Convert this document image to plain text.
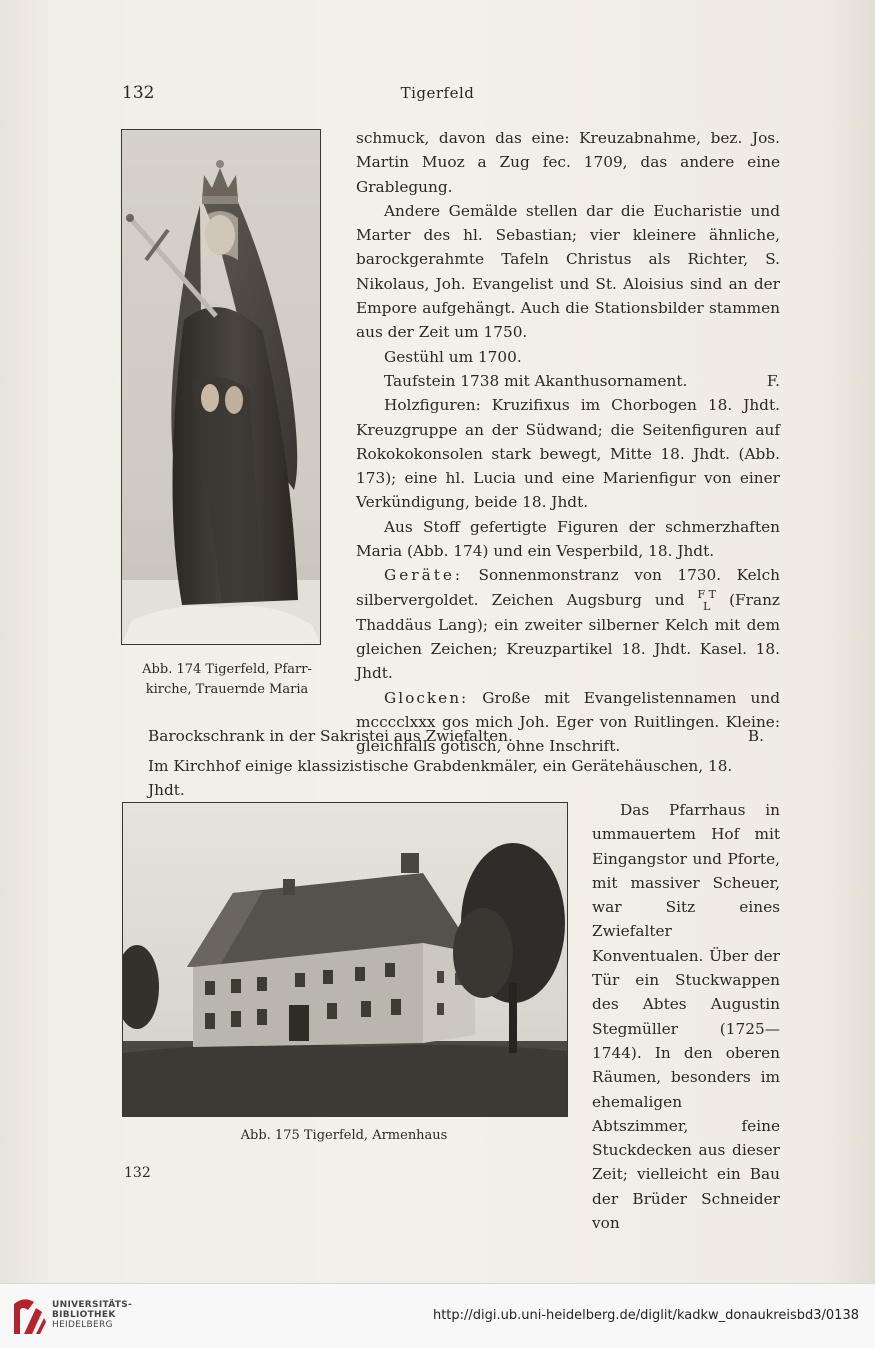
132	Tigerfeld
Abb. 174 Tigerfeld, Pfarr-
kirche, Trauernde Maria

schmuck, davon das eine: Kreuzabnahme, bez. Jos. Martin Muoz a Zug fec. 1709, das andere eine Grablegung.

Andere Gemälde stellen dar die Eucharistie und Marter des hl. Sebastian; vier kleinere ähnliche, barockgerahmte Tafeln Christus als Richter, S. Nikolaus, Joh. Evangelist und St. Aloisius sind an der Empore aufgehängt. Auch die Stationsbilder stammen aus der Zeit um 1750.

Gestühl um 1700.

Taufstein 1738 mit Akanthusornament.	F.

Holzfiguren: Kruzifixus im Chorbogen 18. Jhdt. Kreuzgruppe an der Südwand; die Seitenfiguren auf Rokokokonsolen stark bewegt, Mitte 18. Jhdt. (Abb. 173); eine hl. Lucia und eine Marienfigur von einer Verkündigung, beide 18. Jhdt.

Aus Stoff gefertigte Figuren der schmerzhaften Maria (Abb. 174) und ein Vesperbild, 18. Jhdt.

Geräte: Sonnenmonstranz von 1730. Kelch silbervergoldet. Zeichen Augsburg und F T
L	(Franz Thaddäus Lang); ein zweiter silberner Kelch mit dem gleichen Zeichen; Kreuzpartikel 18. Jhdt. Kasel. 18. Jhdt.

Glocken: Große mit Evangelistennamen und mcccclxxx gos mich Joh. Eger von Ruitlingen. Kleine: gleichfalls gotisch, ohne Inschrift.

Barockschrank in der Sakristei aus Zwiefalten.	B.

Im Kirchhof einige klassizistische Grabdenkmäler, ein Gerätehäuschen, 18. Jhdt.

Abb. 175 Tigerfeld, Armenhaus

Das Pfarrhaus in ummauertem Hof mit Eingangstor und Pforte, mit massiver Scheuer, war Sitz eines Zwiefalter Konventualen. Über der Tür ein Stuckwappen des Abtes Augustin Stegmüller (1725—1744). In den oberen Räumen, besonders im ehemaligen Abtszimmer, feine Stuckdecken aus dieser Zeit; vielleicht ein Bau der Brüder Schneider von

132
UNIVERSITÄTS-
BIBLIOTHEK
HEIDELBERG
http://digi.ub.uni-heidelberg.de/diglit/kadkw_donaukreisbd3/0138
